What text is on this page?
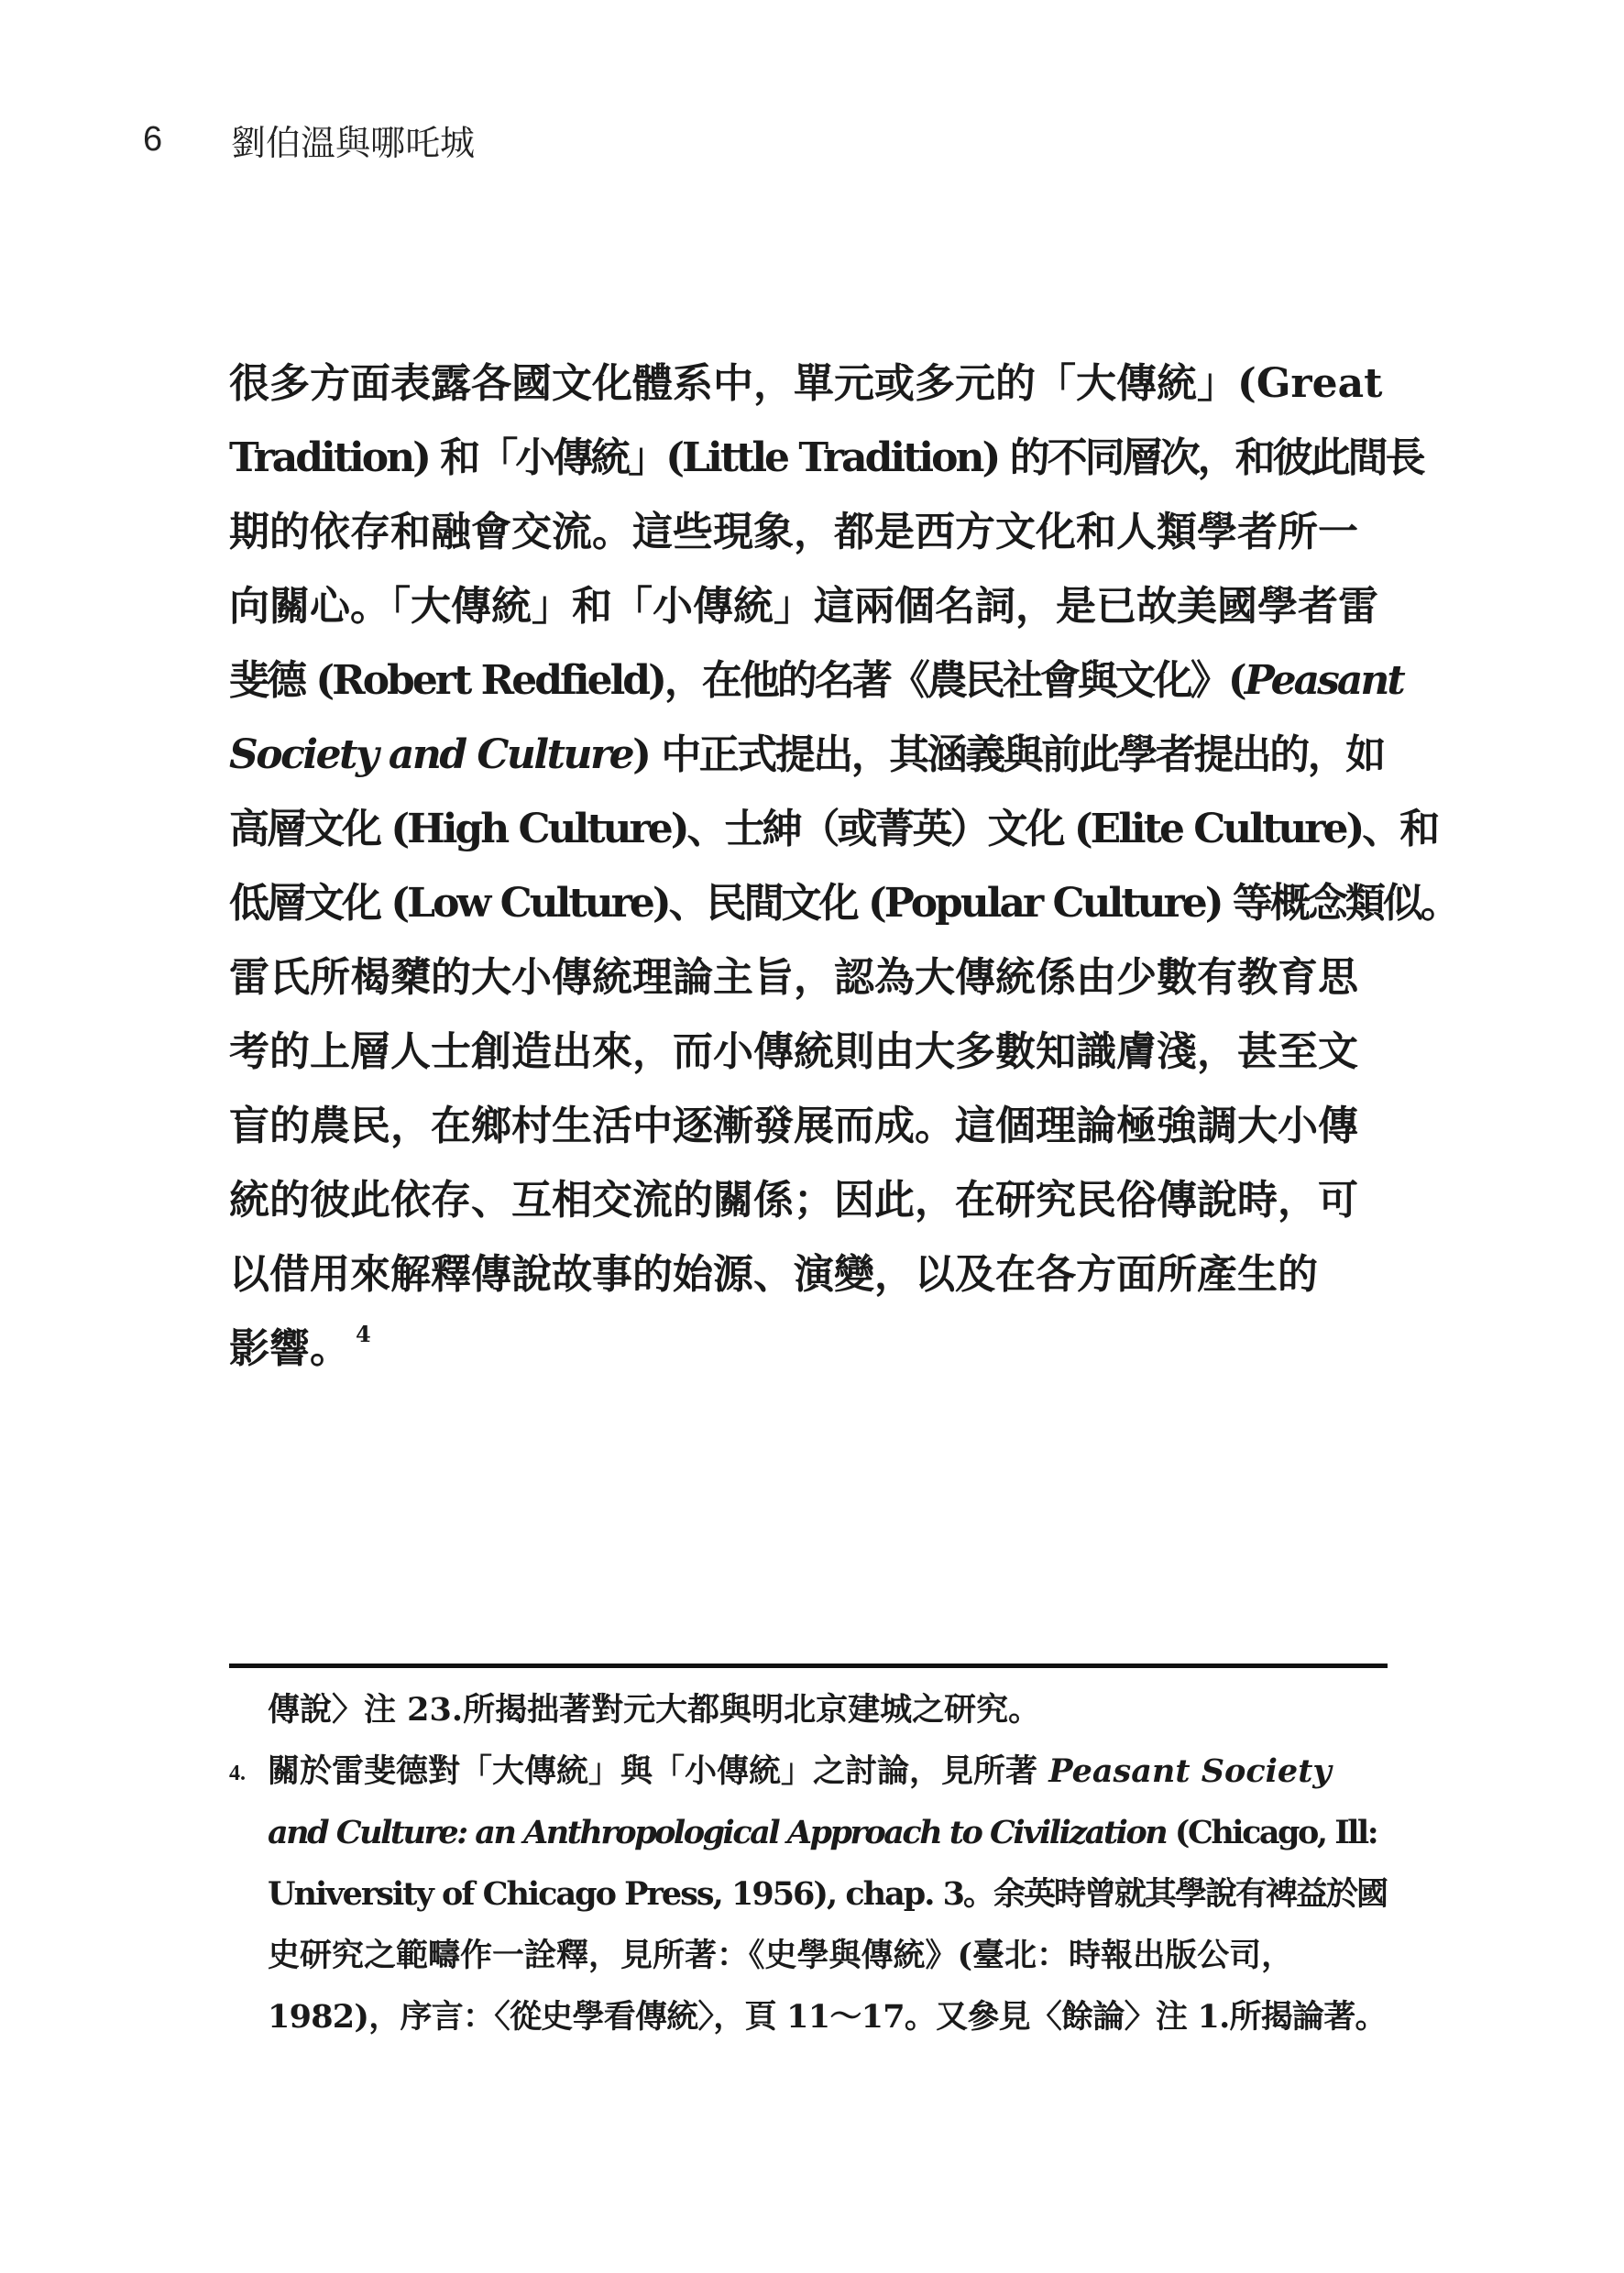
6	劉伯溫與哪吒城
很多方面表露各國文化體系中，單元或多元的「大傳統」(Great
Tradition) 和「小傳統」(Little Tradition) 的不同層次，和彼此間長
期的依存和融會交流。這些現象，都是西方文化和人類學者所一
向關心。「大傳統」和「小傳統」這兩個名詞，是已故美國學者雷
斐德 (Robert Redfield)，在他的名著《農民社會與文化》(Peasant
Society and Culture) 中正式提出，其涵義與前此學者提出的，如
高層文化 (High Culture)、士紳（或菁英）文化 (Elite Culture)、和
低層文化 (Low Culture)、民間文化 (Popular Culture) 等概念類似。
雷氏所楬櫫的大小傳統理論主旨，認為大傳統係由少數有教育思
考的上層人士創造出來，而小傳統則由大多數知識膚淺，甚至文
盲的農民，在鄉村生活中逐漸發展而成。這個理論極強調大小傳
統的彼此依存、互相交流的關係；因此，在研究民俗傳說時，可
以借用來解釋傳說故事的始源、演變，以及在各方面所產生的
影響。 $^4$
傳說〉注 23.所揭拙著對元大都與明北京建城之研究。
4. 關於雷斐德對「大傳統」與「小傳統」之討論，見所著 Peasant Society
and Culture: an Anthropological Approach to Civilization (Chicago, Ill:
University of Chicago Press, 1956), chap. 3。余英時曾就其學說有裨益於國
史研究之範疇作一詮釋，見所著：《史學與傳統》(臺北：時報出版公司，
1982)，序言：〈從史學看傳統〉，頁 11～17。又參見〈餘論〉注 1.所揭論著。
